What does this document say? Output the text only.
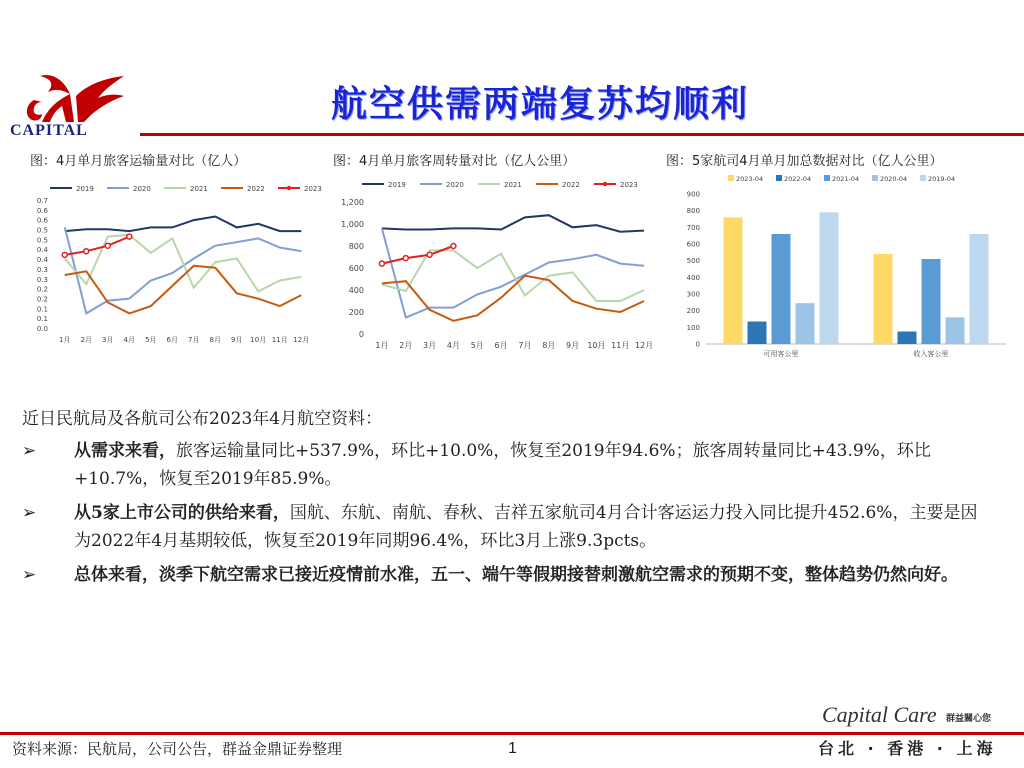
CAPITAL
航空供需两端复苏均顺利
图：4月单月旅客运输量对比（亿人）	图：4月单月旅客周转量对比（亿人公里）	图：5家航司4月单月加总数据对比（亿人公里）
2019	2020	2021	2022	2023
0.0
0.1
0.1
0.2
0.2
0.3
0.3
0.4
0.4
0.5
0.5
0.6
0.6
0.7
1月 2月 3月 4月 5月 6月 7月 8月 9月 10月 11月 12月
2019	2020	2021	2022	2023
0
200
400
600
800
1,000
1,200
1月 2月 3月 4月 5月 6月 7月 8月 9月 10月 11月 12月
2023-04	2022-04	2021-04	2020-04	2019-04
0
100
200
300
400
500
600
700
800
900
可用客公里	收入客公里
近日民航局及各航司公布2023年4月航空资料：
➢ 从需求来看，旅客运输量同比+537.9%，环比+10.0%，恢复至2019年94.6%；旅客周转量同比+43.9%，环比+10.7%，恢复至2019年85.9%。
➢ 从5家上市公司的供给来看，国航、东航、南航、春秋、吉祥五家航司4月合计客运运力投入同比提升452.6%，主要是因为2022年4月基期较低，恢复至2019年同期96.4%，环比3月上涨9.3pcts。
➢ 总体来看，淡季下航空需求已接近疫情前水准，五一、端午等假期接替刺激航空需求的预期不变，整体趋势仍然向好。
Capital Care 群益關心您
资料来源：民航局，公司公告，群益金鼎证券整理	1	台北 · 香港 · 上海
